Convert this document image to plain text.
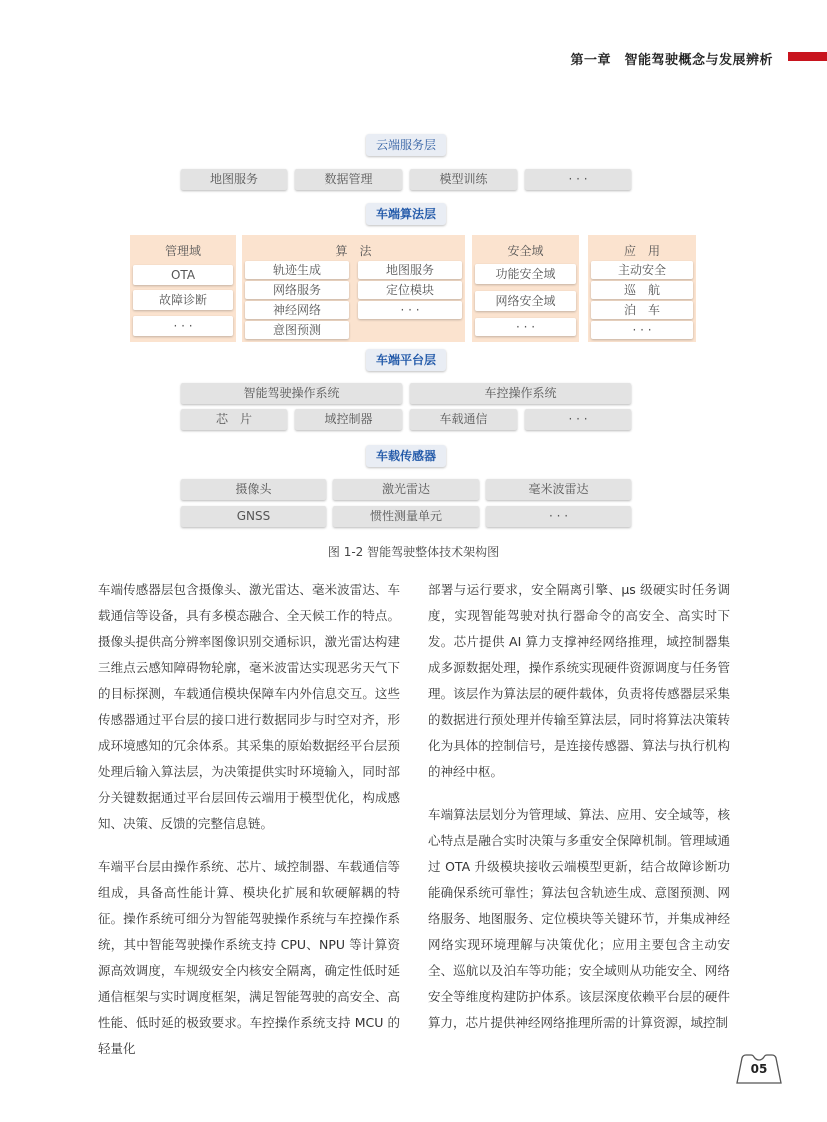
第一章　智能驾驶概念与发展辨析
云端服务层
地图服务	数据管理	模型训练	· · ·
车端算法层
管理域
OTA
故障诊断
· · ·
算　法
轨迹生成
网络服务
神经网络
意图预测
地图服务
定位模块
· · ·
安全域
功能安全域
网络安全域
· · ·
应　用
主动安全
巡　航
泊　车
· · ·
车端平台层
智能驾驶操作系统	车控操作系统
芯　片	域控制器	车载通信	· · ·
车载传感器
摄像头	激光雷达	毫米波雷达
GNSS	惯性测量单元	· · ·
图 1-2 智能驾驶整体技术架构图

车端传感器层包含摄像头、激光雷达、毫米波雷达、车载通信等设备，具有多模态融合、全天候工作的特点。摄像头提供高分辨率图像识别交通标识，激光雷达构建三维点云感知障碍物轮廓，毫米波雷达实现恶劣天气下的目标探测，车载通信模块保障车内外信息交互。这些传感器通过平台层的接口进行数据同步与时空对齐，形成环境感知的冗余体系。其采集的原始数据经平台层预处理后输入算法层，为决策提供实时环境输入，同时部分关键数据通过平台层回传云端用于模型优化，构成感知、决策、反馈的完整信息链。

车端平台层由操作系统、芯片、域控制器、车载通信等组成，具备高性能计算、模块化扩展和软硬解耦的特征。操作系统可细分为智能驾驶操作系统与车控操作系统，其中智能驾驶操作系统支持 CPU、NPU 等计算资源高效调度，车规级安全内核安全隔离，确定性低时延通信框架与实时调度框架，满足智能驾驶的高安全、高性能、低时延的极致要求。车控操作系统支持 MCU 的轻量化

部署与运行要求，安全隔离引擎、μs 级硬实时任务调度，实现智能驾驶对执行器命令的高安全、高实时下发。芯片提供 AI 算力支撑神经网络推理，域控制器集成多源数据处理，操作系统实现硬件资源调度与任务管理。该层作为算法层的硬件载体，负责将传感器层采集的数据进行预处理并传输至算法层，同时将算法决策转化为具体的控制信号，是连接传感器、算法与执行机构的神经中枢。

车端算法层划分为管理域、算法、应用、安全域等，核心特点是融合实时决策与多重安全保障机制。管理域通过 OTA 升级模块接收云端模型更新，结合故障诊断功能确保系统可靠性；算法包含轨迹生成、意图预测、网络服务、地图服务、定位模块等关键环节，并集成神经网络实现环境理解与决策优化；应用主要包含主动安全、巡航以及泊车等功能；安全域则从功能安全、网络安全等维度构建防护体系。该层深度依赖平台层的硬件算力，芯片提供神经网络推理所需的计算资源，域控制

05
